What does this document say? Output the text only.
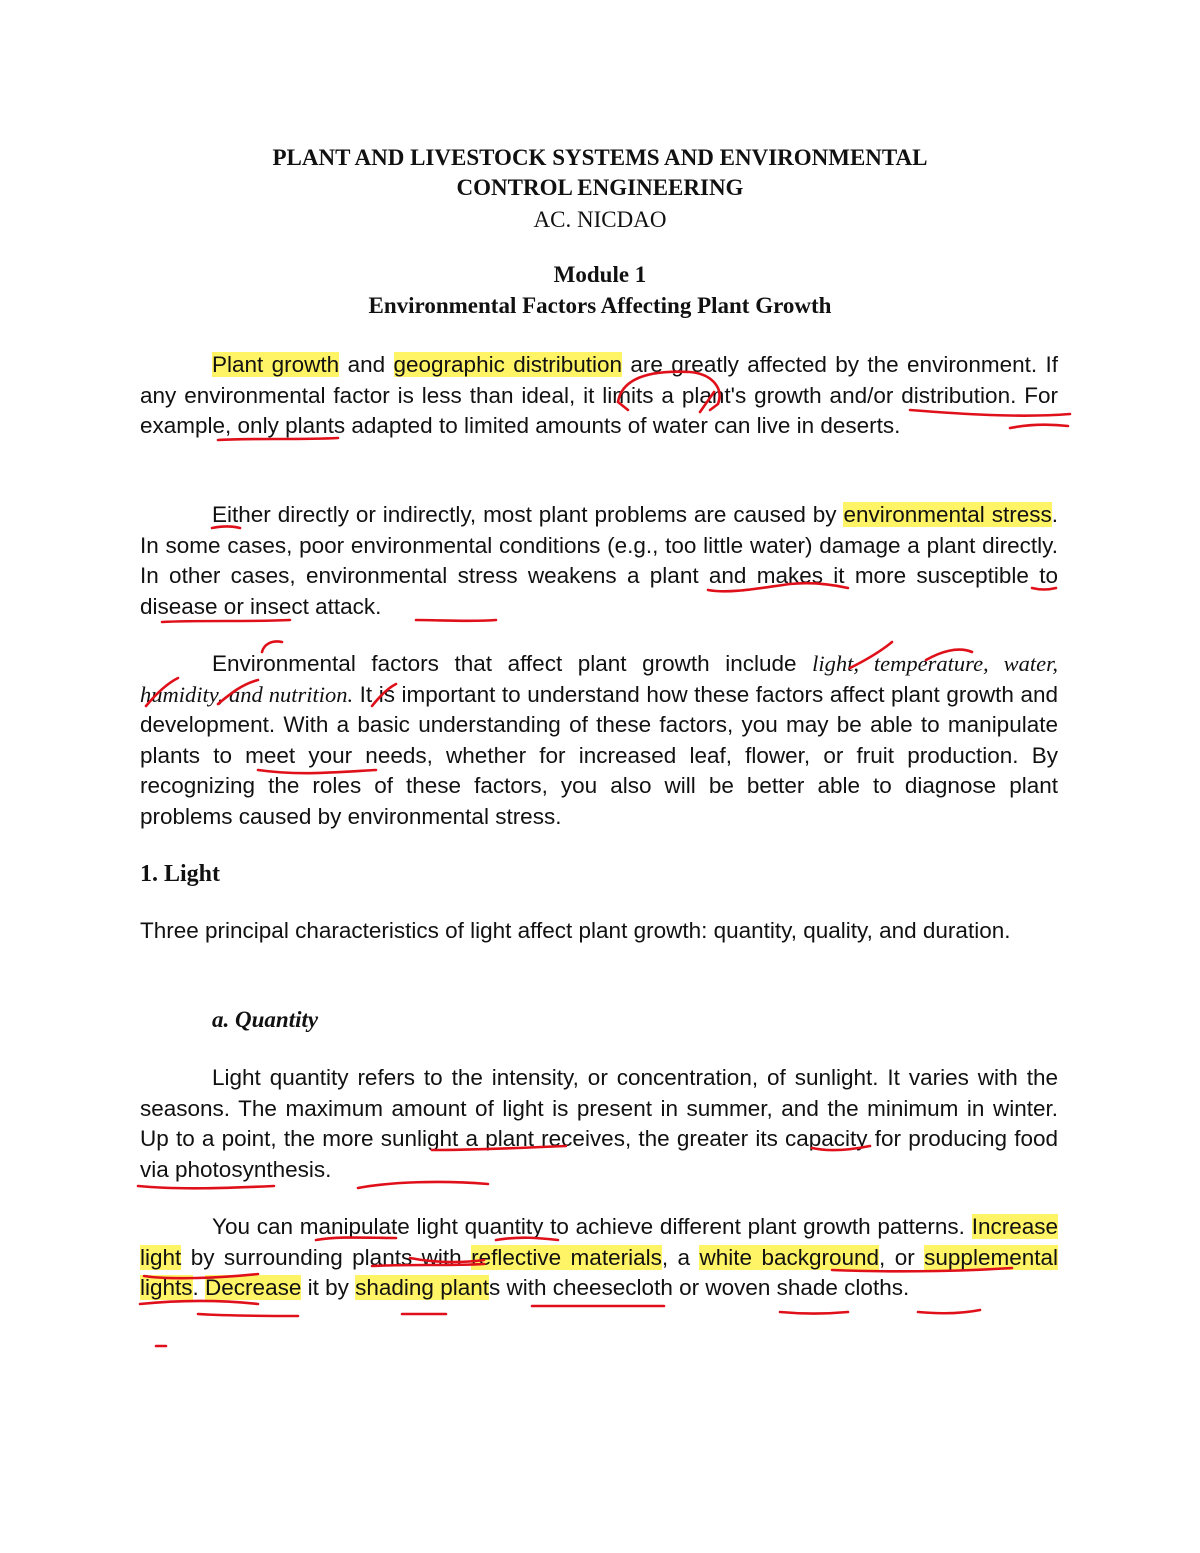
PLANT AND LIVESTOCK SYSTEMS AND ENVIRONMENTAL
CONTROL ENGINEERING
AC. NICDAO
Module 1
Environmental Factors Affecting Plant Growth
Plant growth and geographic distribution are greatly affected by the environment. If any environmental factor is less than ideal, it limits a plant's growth and/or distribution. For example, only plants adapted to limited amounts of water can live in deserts.
Either directly or indirectly, most plant problems are caused by environmental stress. In some cases, poor environmental conditions (e.g., too little water) damage a plant directly. In other cases, environmental stress weakens a plant and makes it more susceptible to disease or insect attack.
Environmental factors that affect plant growth include light, temperature, water, humidity, and nutrition. It is important to understand how these factors affect plant growth and development. With a basic understanding of these factors, you may be able to manipulate plants to meet your needs, whether for increased leaf, flower, or fruit production. By recognizing the roles of these factors, you also will be better able to diagnose plant problems caused by environmental stress.
1. Light
Three principal characteristics of light affect plant growth: quantity, quality, and duration.
a. Quantity
Light quantity refers to the intensity, or concentration, of sunlight. It varies with the seasons. The maximum amount of light is present in summer, and the minimum in winter. Up to a point, the more sunlight a plant receives, the greater its capacity for producing food via photosynthesis.
You can manipulate light quantity to achieve different plant growth patterns. Increase light by surrounding plants with reflective materials, a white background, or supplemental lights. Decrease it by shading plants with cheesecloth or woven shade cloths.
